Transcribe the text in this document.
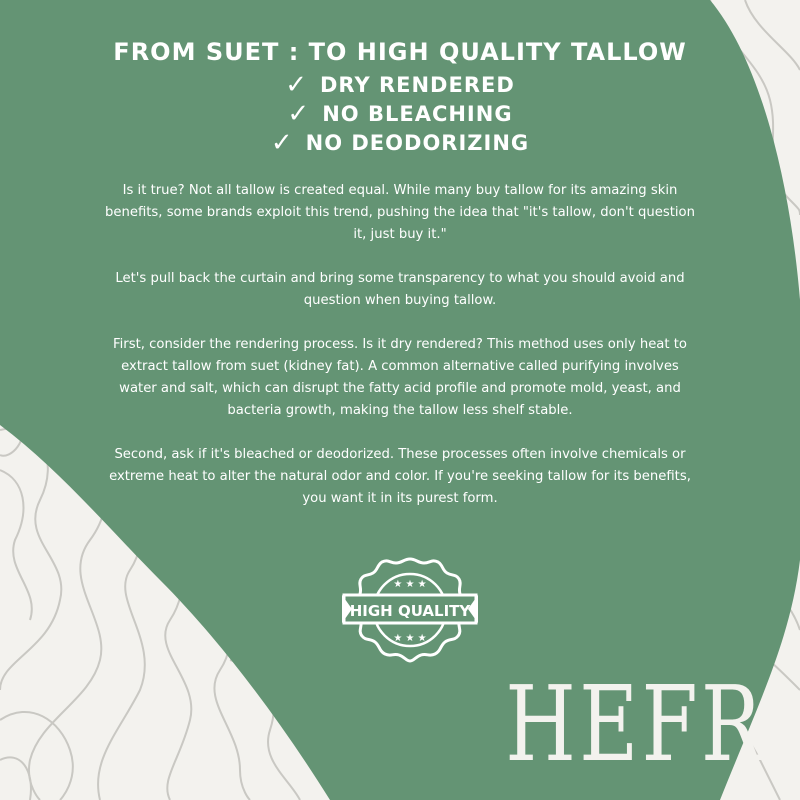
FROM SUET : TO HIGH QUALITY TALLOW
✓ DRY RENDERED
✓ NO BLEACHING
✓ NO DEODORIZING

Is it true? Not all tallow is created equal. While many buy tallow for its amazing skin benefits, some brands exploit this trend, pushing the idea that "it's tallow, don't question it, just buy it."

Let's pull back the curtain and bring some transparency to what you should avoid and question when buying tallow.

First, consider the rendering process. Is it dry rendered? This method uses only heat to extract tallow from suet (kidney fat). A common alternative called purifying involves water and salt, which can disrupt the fatty acid profile and promote mold, yeast, and bacteria growth, making the tallow less shelf stable.

Second, ask if it's bleached or deodorized. These processes often involve chemicals or extreme heat to alter the natural odor and color. If you're seeking tallow for its benefits, you want it in its purest form.

★ ★ ★
HIGH QUALITY
★ ★ ★
HEFR
